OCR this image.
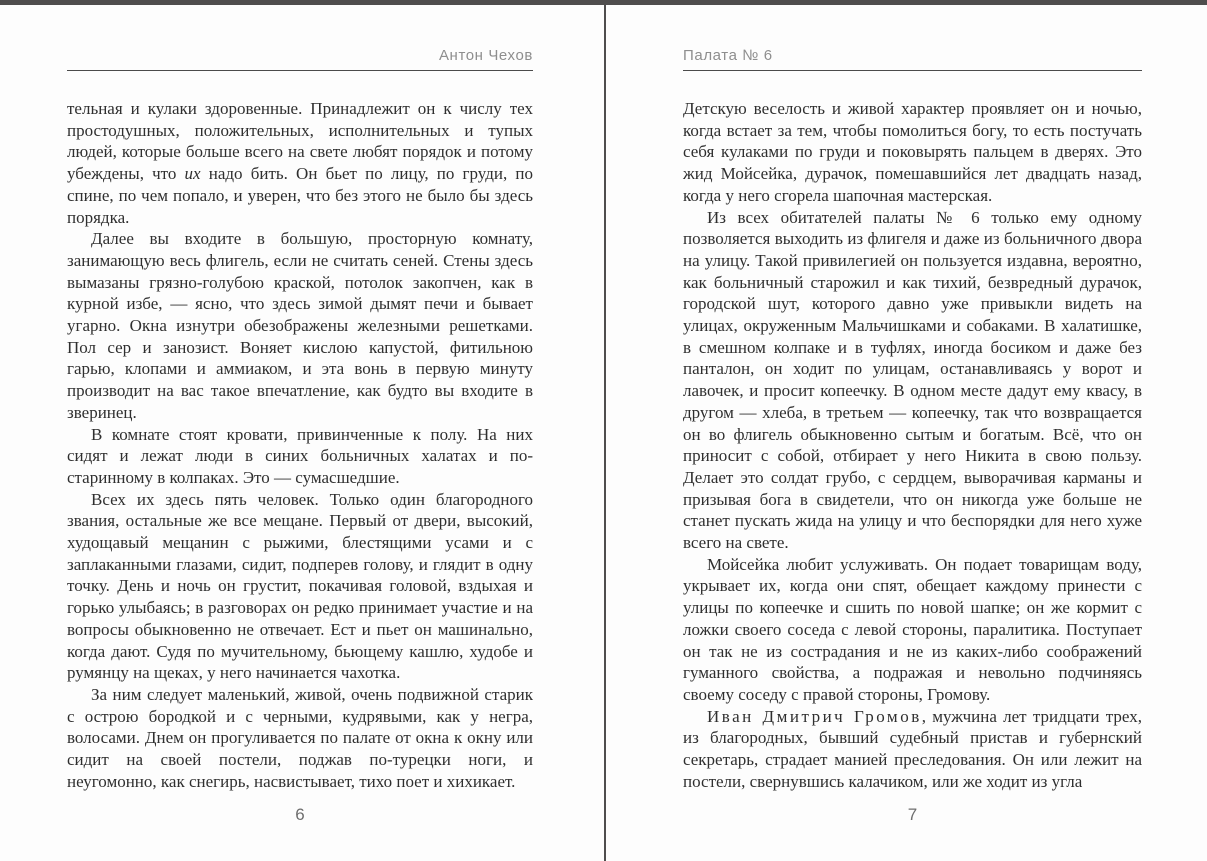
Антон Чехов

тельная и кулаки здоровенные. Принадлежит он к числу тех простодушных, положительных, исполнительных и тупых людей, которые больше всего на свете любят порядок и потому убеждены, что их надо бить. Он бьет по лицу, по груди, по спине, по чем попало, и уверен, что без этого не было бы здесь порядка.

Далее вы входите в большую, просторную комнату, занимающую весь флигель, если не считать сеней. Стены здесь вымазаны грязно-голубою краской, потолок закопчен, как в курной избе, — ясно, что здесь зимой дымят печи и бывает угарно. Окна изнутри обезображены железными решетками. Пол сер и занозист. Воняет кислою капустой, фитильною гарью, клопами и аммиаком, и эта вонь в первую минуту производит на вас такое впечатление, как будто вы входите в зверинец.

В комнате стоят кровати, привинченные к полу. На них сидят и лежат люди в синих больничных халатах и по-старинному в колпаках. Это — сумасшедшие.

Всех их здесь пять человек. Только один благородного звания, остальные же все мещане. Первый от двери, высокий, худощавый мещанин с рыжими, блестящими усами и с заплаканными глазами, сидит, подперев голову, и глядит в одну точку. День и ночь он грустит, покачивая головой, вздыхая и горько улыбаясь; в разговорах он редко принимает участие и на вопросы обыкновенно не отвечает. Ест и пьет он машинально, когда дают. Судя по мучительному, бьющему кашлю, худобе и румянцу на щеках, у него начинается чахотка.

За ним следует маленький, живой, очень подвижной старик с острою бородкой и с черными, кудрявыми, как у негра, волосами. Днем он прогуливается по палате от окна к окну или сидит на своей постели, поджав по-турецки ноги, и неугомонно, как снегирь, насвистывает, тихо поет и хихикает.

6
Палата № 6

Детскую веселость и живой характер проявляет он и ночью, когда встает за тем, чтобы помолиться богу, то есть постучать себя кулаками по груди и поковырять пальцем в дверях. Это жид Мойсейка, дурачок, помешавшийся лет двадцать назад, когда у него сгорела шапочная мастерская.

Из всех обитателей палаты № 6 только ему одному позволяется выходить из флигеля и даже из больничного двора на улицу. Такой привилегией он пользуется издавна, вероятно, как больничный старожил и как тихий, безвредный дурачок, городской шут, которого давно уже привыкли видеть на улицах, окруженным Мальчишками и собаками. В халатишке, в смешном колпаке и в туфлях, иногда босиком и даже без панталон, он ходит по улицам, останавливаясь у ворот и лавочек, и просит копеечку. В одном месте дадут ему квасу, в другом — хлеба, в третьем — копеечку, так что возвращается он во флигель обыкновенно сытым и богатым. Всё, что он приносит с собой, отбирает у него Никита в свою пользу. Делает это солдат грубо, с сердцем, выворачивая карманы и призывая бога в свидетели, что он никогда уже больше не станет пускать жида на улицу и что беспорядки для него хуже всего на свете.

Мойсейка любит услуживать. Он подает товарищам воду, укрывает их, когда они спят, обещает каждому принести с улицы по копеечке и сшить по новой шапке; он же кормит с ложки своего соседа с левой стороны, паралитика. Поступает он так не из сострадания и не из каких-либо соображений гуманного свойства, а подражая и невольно подчиняясь своему соседу с правой стороны, Громову.

Иван Дмитрич Громов, мужчина лет тридцати трех, из благородных, бывший судебный пристав и губернский секретарь, страдает манией преследования. Он или лежит на постели, свернувшись калачиком, или же ходит из угла

7
